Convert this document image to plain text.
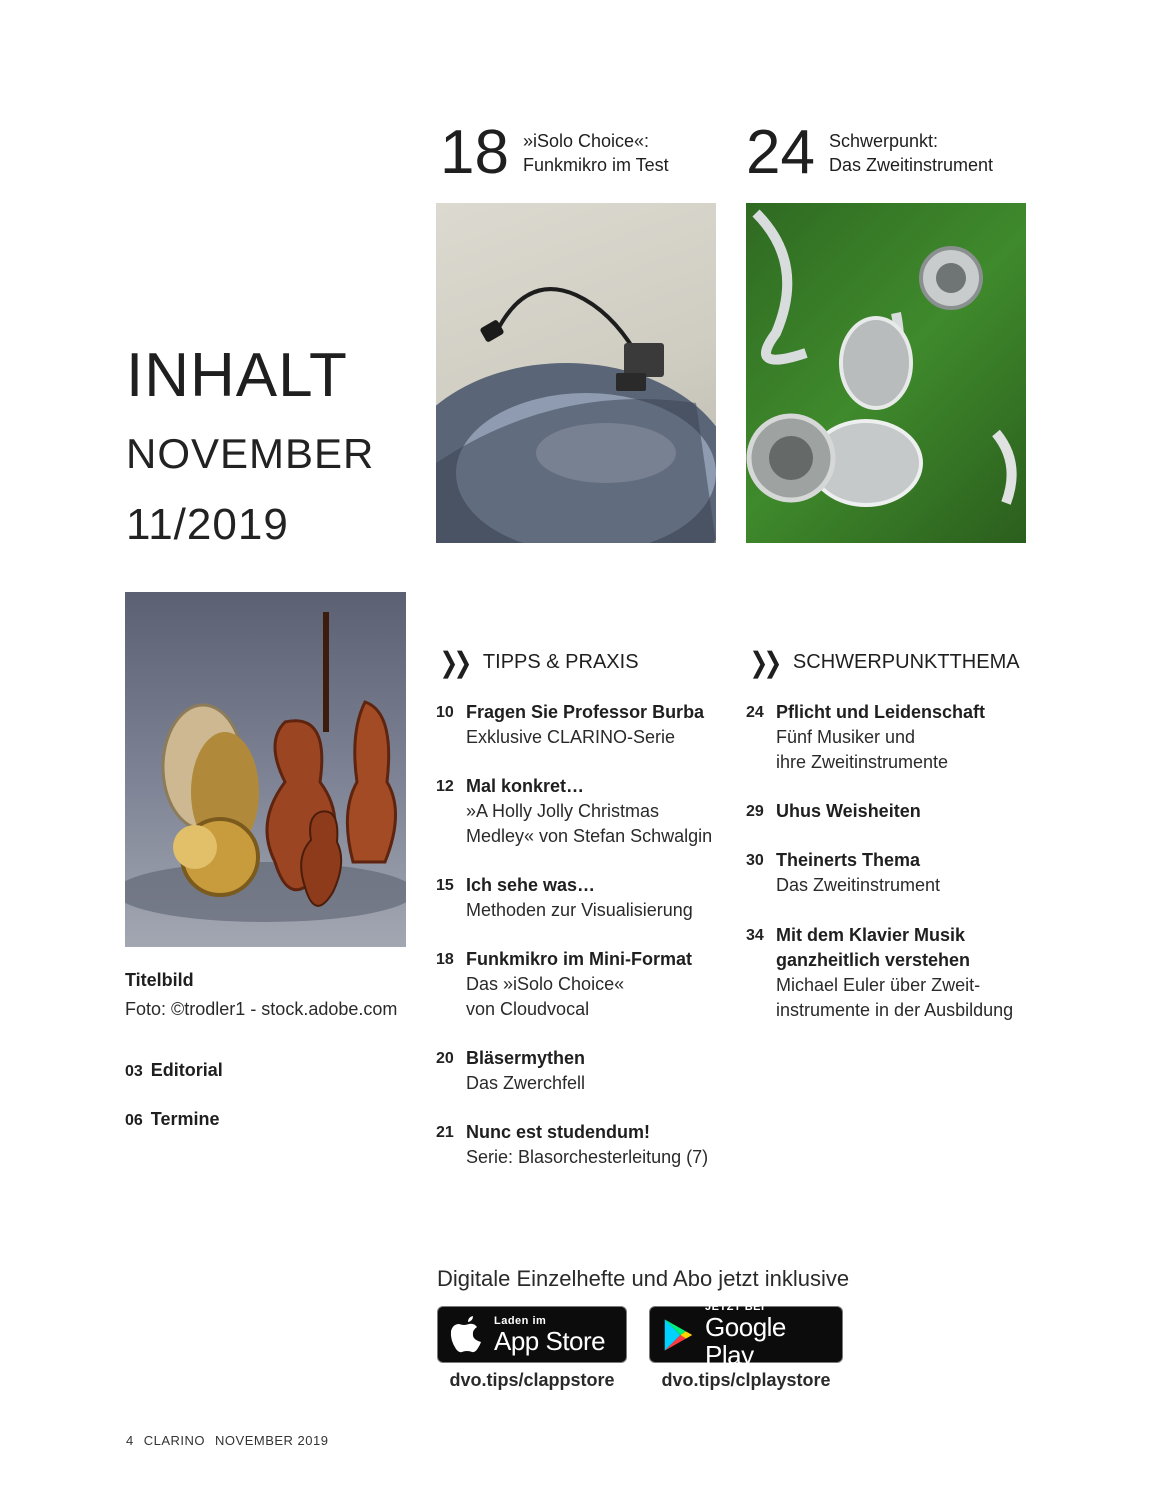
INHALT
NOVEMBER
11/2019
18 »iSolo Choice«:
Funkmikro im Test 24 Schwerpunkt:
Das Zweitinstrument
Titelbild
Foto: ©trodler1 - stock.adobe.com
03 Editorial
06 Termine
❯❯ TIPPS & PRAXIS
10 Fragen Sie Professor Burba
Exklusive CLARINO-Serie
12 Mal konkret…
»A Holly Jolly Christmas
Medley« von Stefan Schwalgin
15 Ich sehe was…
Methoden zur Visualisierung
18 Funkmikro im Mini-Format
Das »iSolo Choice«
von Cloudvocal
20 Bläsermythen
Das Zwerchfell
21 Nunc est studendum!
Serie: Blasorchesterleitung (7)
❯❯ SCHWERPUNKTTHEMA
24 Pflicht und Leidenschaft
Fünf Musiker und
ihre Zweitinstrumente
29 Uhus Weisheiten
30 Theinerts Thema
Das Zweitinstrument
34 Mit dem Klavier Musik
ganzheitlich verstehen
Michael Euler über Zweit-
instrumente in der Ausbildung
Digitale Einzelhefte und Abo jetzt inklusive
Laden im
App Store
dvo.tips/clappstore
JETZT BEI
Google Play
dvo.tips/clplaystore
4 CLARINO NOVEMBER 2019
